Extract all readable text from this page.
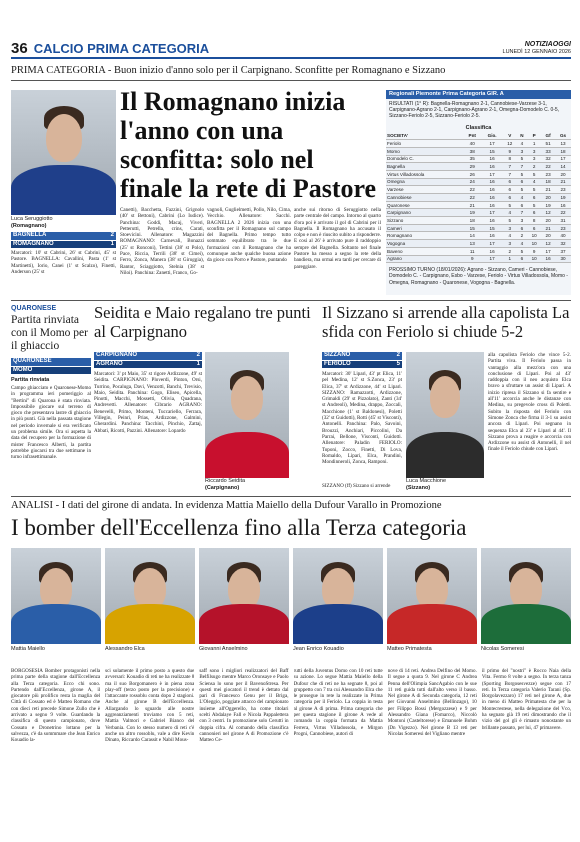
36 CALCIO PRIMA CATEGORIA	NOTIZIAOGGI
LUNEDÌ 12 GENNAIO 2026
PRIMA CATEGORIA - Buon inizio d'anno solo per il Carpignano. Sconfitte per Romagnano e Sizzano
Luca Seruggiotto
(Romagnano)
Il Romagnano inizia l'anno con una sconfitta: solo nel finale la rete di Pastore
BAGNELLA	2
ROMAGNANO	1
Marcatori: 10' st Cabrini, 26' st Cabrini, 45' st Pastore. BAGNELLA: Cavallini, Pasta (1' st Martinetti), Iorio, Canei (1' st Scalzo), Finetti, Anderson (25' st
Canetti), Bacchetta, Fazzini, Grignolo (40' st Bettoni), Cabrini (Lo Iudice). Panchina: Goddi, Macaj, Viveri, Petterutti, Petrella, crins, Carati, Stoevicini. Allenatore: Magazzini ROMAGNANO: Carnevali, Bonazzi (25' st Ronconi), Tettini (38' st Polo), Pace, Riccia, Terrili (38' st Cimei), Ferro, Zonca, Manera (38' st Giroggia), Rantor, Sciaggiotto, Stelnia (38' st Niloi). Panchina: Zanetti, Franco, Go-
vagnoli, Guglielmetti, Pollo, Nilo, Cima, Vecchio. Allenatore: Sacchi. BAGNELLA 2 2026 inizia con una sconfitta per il Romagnano sul campo del Bagnella. Primo tempo tutto sommato equilibrato tra le due formazioni con il Romagnano che ha comunque anche qualche buona azione da gioco con Porro e Pastore, puntando
anche sui ritorno di Seruggiotto nella parte centrale del campo. Intorno al quarto d'ora poi è arrivato il gol di Cabrini per il Bagnella. Il Romagnano ha accusato il colpo e non è riuscito subito a risponderre. E così al 26' è arrivato pure il raddoppio sempre del Bagnella. Soltanto nel finale Pastore ha messo a segno la rete della bandiera, ma ormai era tardi per cercare di pareggiare.
Regionali Piemonte Prima Categoria GIR. A
RISULTATI (1° R): Bagnella-Romagnano 2-1, Cannobiese-Varzese 3-1, Carpignano-Agrano 2-1, Carpignano-Agrano 2-1, Omegna-Domodelo C. 0-5, Sizzano-Feriolo 2-5, Sizzano-Feriolo 2-5.
Classifica
SOCIETA'	Pnt	Gio.	V	N	P	Gf	Gs
Feriolo	40	17	12	4	1	51	13
Momo	38	15	9	3	3	33	18
Domodelo C.	35	16	8	5	3	32	17
Bagnella	29	16	7	7	2	22	14
Virtus Villadossola	26	17	7	5	5	23	20
Omegna	24	16	6	6	4	18	21
Varzese	22	16	6	5	5	21	23
Cannobiese	22	16	6	4	6	20	19
Quaronese	21	16	5	6	5	19	16
Carpignano	19	17	4	7	6	12	22
Sizzano	18	16	5	3	8	20	31
Cameri	15	15	3	6	6	21	23
Romagnano	14	16	4	2	10	20	40
Vogogna	13	17	3	4	10	12	32
Baveno	11	16	2	5	9	17	37
Agrano	9	17	1	6	10	16	30
PROSSIMO TURNO (18/01/2026): Agrano - Sizzano, Cameri - Cannobiese, Domodelo C. - Carpignano, Esbo - Varzese, Feriolo - Virtus Villadossola, Momo - Omegna, Romagnano - Quaronese, Vogogna - Bagnella.
QUARONESE
Partita rinviata con il Momo per il ghiaccio
QUARONESE
MOMO
Partita rinviata
Campo ghiacciato e Quaronese-Momo in programma ieri pomeriggio al "Bertini" di Quarona è stata rinviata. Impossibile giocare sul terreno di gioco che presentava lastre di ghiaccio in più punti. Già nella passata stagione nel periodo invernale si era verificato un problema simile. Ora si aspetta la data del recupero per la formazione di mister Francesco Alberti, la partita potrebbe giocarsi tra due settimane in turno infrasettimanale.
Seidita e Maio regalano tre punti al Carpignano
CARPIGNANO	2
AGRANO	1
Marcatori: 3' pt Maio, 35' st rigore Ardizzone, 49' st Seidita. CARPIGNANO: Ploverdi, Pinton, Orsi, Turrino, Pocaluga, Davi, Venzotti, Banchi, Trevisio, Maio, Seidita. Panchina: Gogo, Eliseo, Apicella, Pinotti, Macchi, Mossetti, Olivia, Quadrana, Andrevetti. Allenatore: Cibrario AGRANO: Benevelli, Primo, Monteni, Tuccariello, Ferrara, Villegin, Peinri, Prias, Ardizzone, Galmini, Gherardini. Panchina: Tacchini, Pinchio, Zattaj, Abbati, Ricotti, Pazzini. Allenatore: Lopardo
Riccardo Seidita
(Carpignano)
Il Sizzano si arrende alla capolista La sfida con Feriolo si chiude 5-2
SIZZANO	2
FERIOLO	5
Marcatori: 30' Lipari, 43' pt Elica, 11' pel Medina, 12' st S.Zonca, 23' pt Elica, 37' st Ardizzone, 44' st Lipari. SIZZANO: Ramazzotti, Ardizzone, Grimaldi (29' st Pizzolato), Zanti (34' st Andreoli), Medina, drappo, Zoccali, Macchione (1' st Baldonesi), Poletti (32' st Guidotti), Rotti (45' st Visconti), Antonelli. Panchina: Palo, Savoini, Brouzzi, Anchiari, Piccolini, Da Parrai, Bellone, Visconti, Guidotti. Allenatore: Paladin FERIOLO: Toponi, Zocco, Finetti, Di Lova, Romaldo, Lipari, Elca, Prandini, Mondinneroli, Zonca, Ramponi.
SIZZANO (ff) Sizzano si arrende
Luca Macchione
(Sizzano)
alla capolista Feriolo che vince 5-2. Partita viva. Il Feriolo passa in vantaggio alla mezz'ora con una conclusione di Lipari. Poi al 43' raddoppia con il neo acquisto Elca bravo a sfruttare un assist di Lipari. A inizio ripresa il Sizzano si fa sentire e all'11' accorcia anche le distanze con Medina, su pregevole cross di Poletti. Subito la risposta del Feriolo con Simone Zonca che firma il 3-1 su assist ancora di Lipari. Poi segnano in sequenza Elca al 23' e Lipari al 44'. Il Sizzano prova a reagire e accorcia con Ardizzone su assist di Antonelli, il nel finale il Feriolo chiude con Lipari.
ANALISI - I dati del girone di andata. In evidenza Mattia Maiello della Dufour Varallo in Promozione
I bomber dell'Eccellenza fino alla Terza categoria
Mattia Maiello	Alessandro Elca	Giovanni Anselmino	Jean Enrico Kouadio	Matteo Primatesta	Nicolas Someresi
BORGOSESIA Bomber protagonisti nella prima parte della stagione dall'Eccellenza alla Terza categoria. Ecco chi sono. Partendo dall'Eccellenza, girone A, il giocatore più prolifico resta la maglia del Città di Cossato ed è Matteo Romano che con dieci reti precede Simone Zullo che è arrivato a segno 9 volte. Guardando la classifica di questo campionato, dove Cossato e Dronetrino lottano per la salvezza, c'è da sommmare che Jean Enrico Kouadio la-
sci solamente il primo posto a questo due avversari: Kouadio di reti ne ha realizzate 8 ma il suo Borgomanero è in piena zona play-off (terzo posto per la precisione) e l'attaccante rossoblu conta dopo 2 stagioni. Anche al girone B dell'Eccellenza. Allargando lo sguardo alle nostre aggreanziamenti troviamo con 5 reti, Mattia Valmori e Gabriel Bianco del Verbania. Con lo stesso numero di reti c'è anche un altro rossoblu, vale a dire Kevin Dinato, Riccardo Carassit e Nabil Mous-
saff sono i migliori realizzatori del Baff Belfilsugo mentre Marco Oronsaye e Paolo Sciensa lo sono per il BavenoStresa. Per questi mei giocatori il trend è dettato dal pari di Francesco Genu per il Briga, L'Oleggio, poggiate attacco del campionato insieme all'Oggerello, ha come titolari scelti Abdalaye Fall e Nicola Pappalettera con 3 centri. In promozione solo Cerutti in doppia cifra. Al comando della classifica cannonieri nel girone A di Promozione c'è Matteo Ce-
rutti della Juventus Domo con 10 reti tutte su azione. Lo segue Mattia Maiello della Dufour che di reti ne ha segnate 8, poi al gruppetto con 7 tra cui Alessandro Elca che le prosegue in rete la realizzate in Prima categoria per il Feriolo. La coppia in testa al girone A di prima. Prima categoria che per questa stagione il girone A vede al comando la coppia formata da Mattia Ferrera, Virtus Villadossola, e Mirgon Progni, Cannobiese, autori di
nove di 14 reti. Andrea Delfino del Momo. Il segue a quota 9. Nel girone C Andrea Penna dell'Olimpia SancAgabio con le sue 11 reti guida tutti dall'alto verso il basso. Nel girone A di Seconda categoria, 12 reti per Giovanni Anselmino (Bellinzago), 10 per Filippo Bossi (Mergozzese) e 9 per Alessandro Giana (Fomarco), Niccolò Montoni (Casteltorese) e Emanuele Bohm (Dn Vigezzo). Nel girone B 13 reti per Nicolas Someresi del Vigliano mentre
il primo del "nostri" è Rocco Naia della Vita. Fermo 8 volte a segno. In terza tanza (Sporting Borgosesvezze) segue con 17 reti. In Terza categoria Valerio Tarani (Sp. Borgolavezzaro) 17 reti nel girone A, due in meno di Matteo Primatesta che per la Montecrestese, nella delegazione del Vco, ha segnato già 19 reti dimostrando che il vizio del gol gli è rimasto nonostante un brillante passato, per lui, 47 primavere.
